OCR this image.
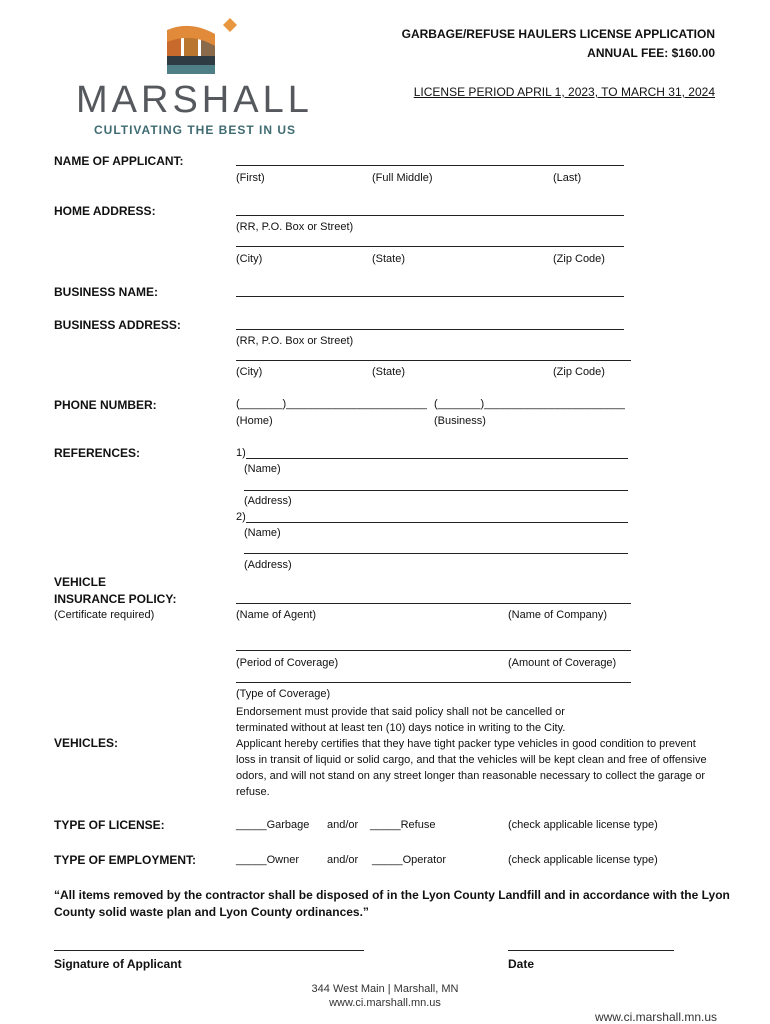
MARSHALL
CULTIVATING THE BEST IN US
GARBAGE/REFUSE HAULERS LICENSE APPLICATION
ANNUAL FEE: $160.00
LICENSE PERIOD APRIL 1, 2023, TO MARCH 31, 2024
NAME OF APPLICANT:
(First)	(Full Middle)	(Last)
HOME ADDRESS:
(RR, P.O. Box or Street)
(City)	(State)	(Zip Code)
BUSINESS NAME:
BUSINESS ADDRESS:
(RR, P.O. Box or Street)
(City)	(State)	(Zip Code)
PHONE NUMBER:	(_______)_______________________ (_______)_______________________
(Home)	(Business)
REFERENCES:	1)
(Name)
(Address)
2)
(Name)
(Address)
VEHICLE
INSURANCE POLICY:
(Certificate required)	(Name of Agent)	(Name of Company)
(Period of Coverage)	(Amount of Coverage)
(Type of Coverage)
Endorsement must provide that said policy shall not be cancelled or terminated without at least ten (10) days notice in writing to the City.
VEHICLES:	Applicant hereby certifies that they have tight packer type vehicles in good condition to prevent loss in transit of liquid or solid cargo, and that the vehicles will be kept clean and free of offensive odors, and will not stand on any street longer than reasonable necessary to collect the garage or refuse.
TYPE OF LICENSE:	_____Garbage and/or _____Refuse	(check applicable license type)
TYPE OF EMPLOYMENT:	_____Owner	and/or _____Operator	(check applicable license type)
“All items removed by the contractor shall be disposed of in the Lyon County Landfill and in accordance with the Lyon County solid waste plan and Lyon County ordinances.”
Signature of Applicant	Date
344 West Main | Marshall, MN
www.ci.marshall.mn.us
www.ci.marshall.mn.us
